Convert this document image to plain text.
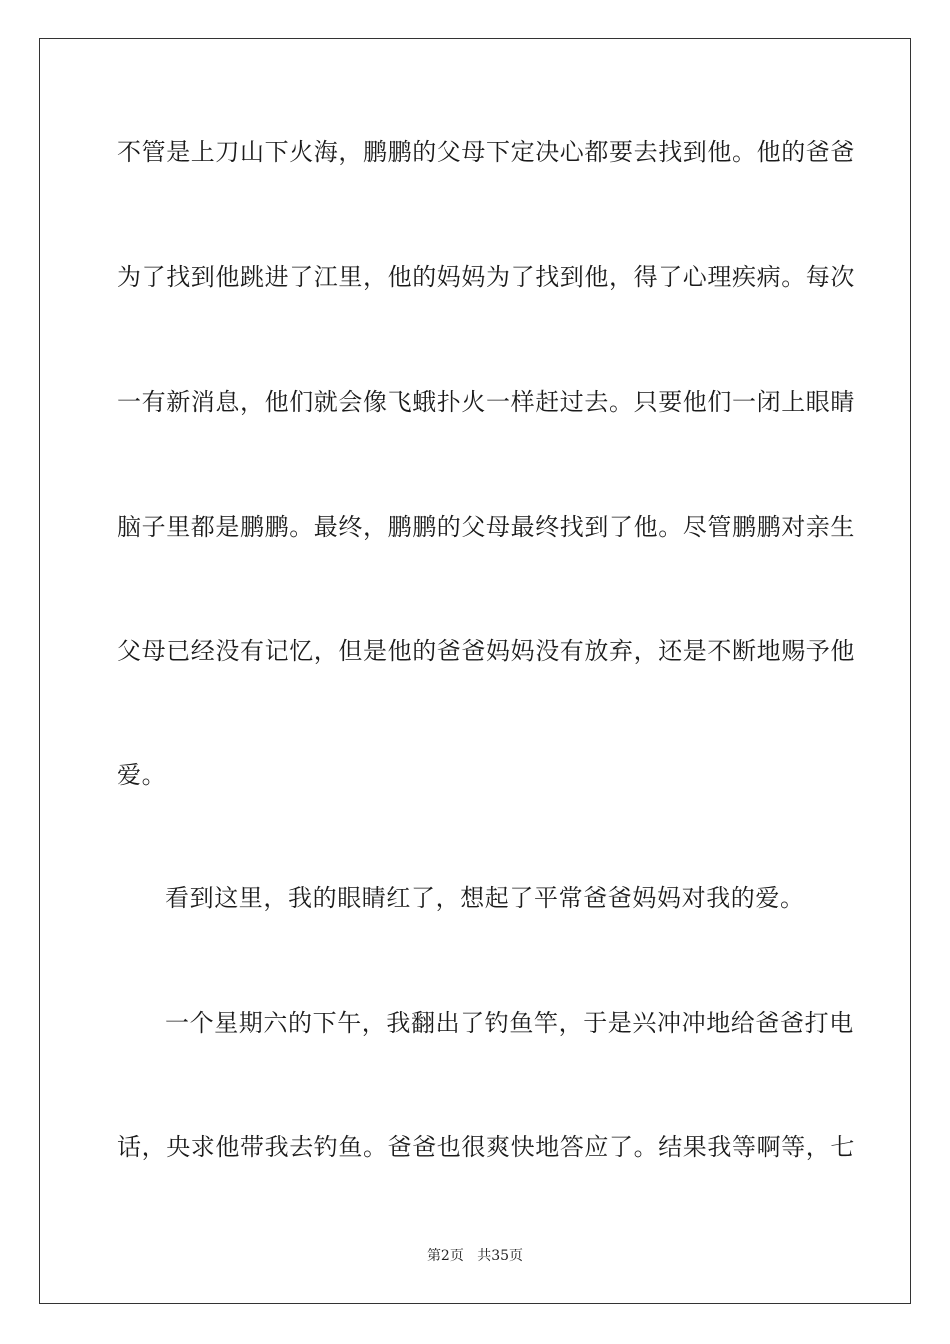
不管是上刀山下火海，鹏鹏的父母下定决心都要去找到他。他的爸爸
为了找到他跳进了江里，他的妈妈为了找到他，得了心理疾病。每次
一有新消息，他们就会像飞蛾扑火一样赶过去。只要他们一闭上眼睛
脑子里都是鹏鹏。最终，鹏鹏的父母最终找到了他。尽管鹏鹏对亲生
父母已经没有记忆，但是他的爸爸妈妈没有放弃，还是不断地赐予他
爱。
看到这里，我的眼睛红了，想起了平常爸爸妈妈对我的爱。
一个星期六的下午，我翻出了钓鱼竿，于是兴冲冲地给爸爸打电
话，央求他带我去钓鱼。爸爸也很爽快地答应了。结果我等啊等，七
第2页 共35页
